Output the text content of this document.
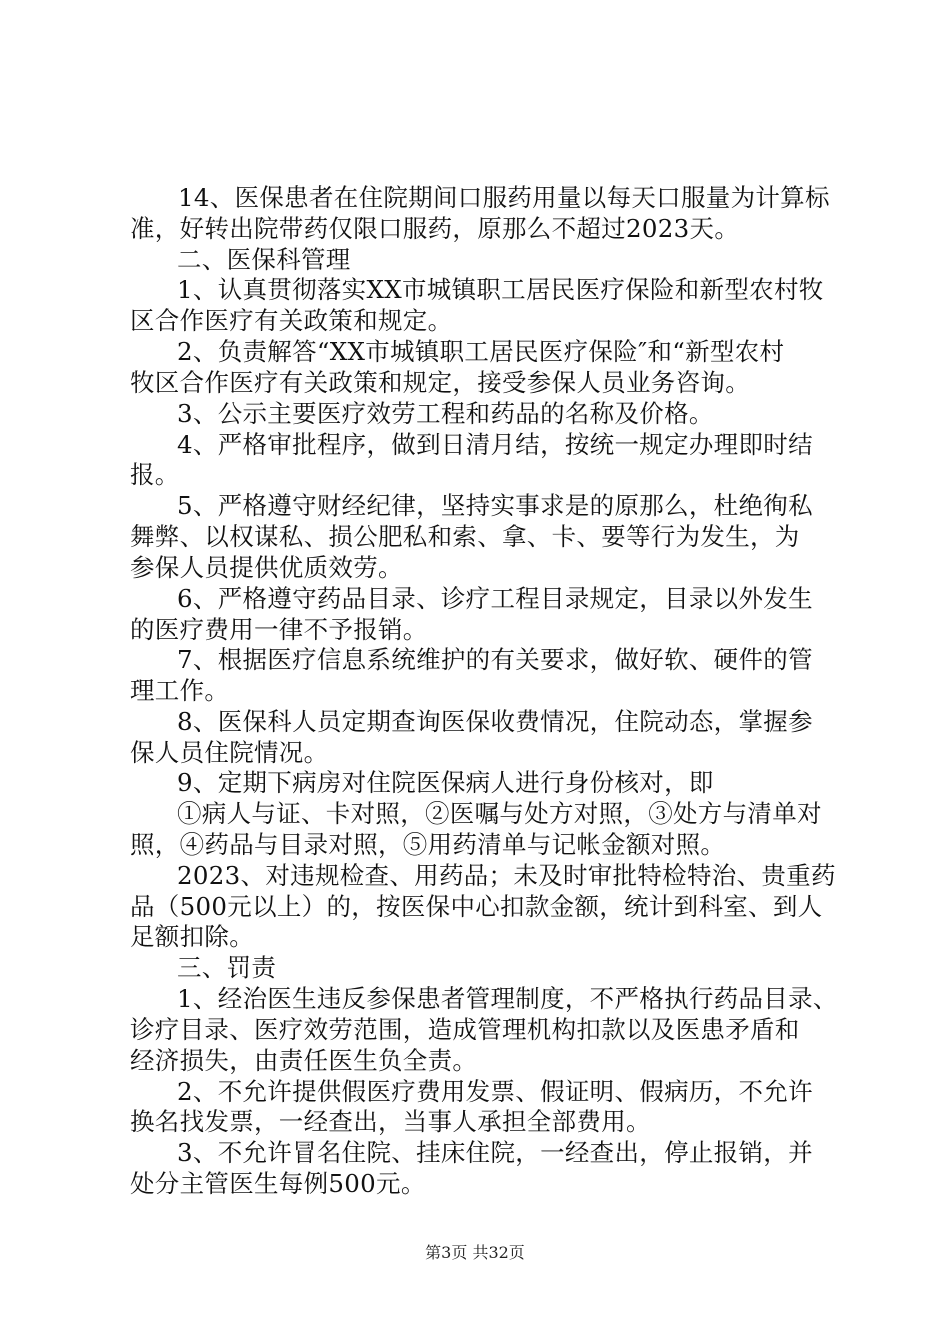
14、医保患者在住院期间口服药用量以每天口服量为计算标
准，好转出院带药仅限口服药，原那么不超过2023天。
二、医保科管理
1、认真贯彻落实XX市城镇职工居民医疗保险和新型农村牧
区合作医疗有关政策和规定。
2、负责解答“XX市城镇职工居民医疗保险″和“新型农村
牧区合作医疗有关政策和规定，接受参保人员业务咨询。
3、公示主要医疗效劳工程和药品的名称及价格。
4、严格审批程序，做到日清月结，按统一规定办理即时结
报。
5、严格遵守财经纪律，坚持实事求是的原那么，杜绝徇私
舞弊、以权谋私、损公肥私和索、拿、卡、要等行为发生，为
参保人员提供优质效劳。
6、严格遵守药品目录、诊疗工程目录规定，目录以外发生
的医疗费用一律不予报销。
7、根据医疗信息系统维护的有关要求，做好软、硬件的管
理工作。
8、医保科人员定期查询医保收费情况，住院动态，掌握参
保人员住院情况。
9、定期下病房对住院医保病人进行身份核对，即
①病人与证、卡对照，②医嘱与处方对照，③处方与清单对
照，④药品与目录对照，⑤用药清单与记帐金额对照。
2023、对违规检查、用药品；未及时审批特检特治、贵重药
品（500元以上）的，按医保中心扣款金额，统计到科室、到人
足额扣除。
三、罚责
1、经治医生违反参保患者管理制度，不严格执行药品目录、
诊疗目录、医疗效劳范围，造成管理机构扣款以及医患矛盾和
经济损失，由责任医生负全责。
2、不允许提供假医疗费用发票、假证明、假病历，不允许
换名找发票，一经查出，当事人承担全部费用。
3、不允许冒名住院、挂床住院，一经查出，停止报销，并
处分主管医生每例500元。
第3页 共32页
